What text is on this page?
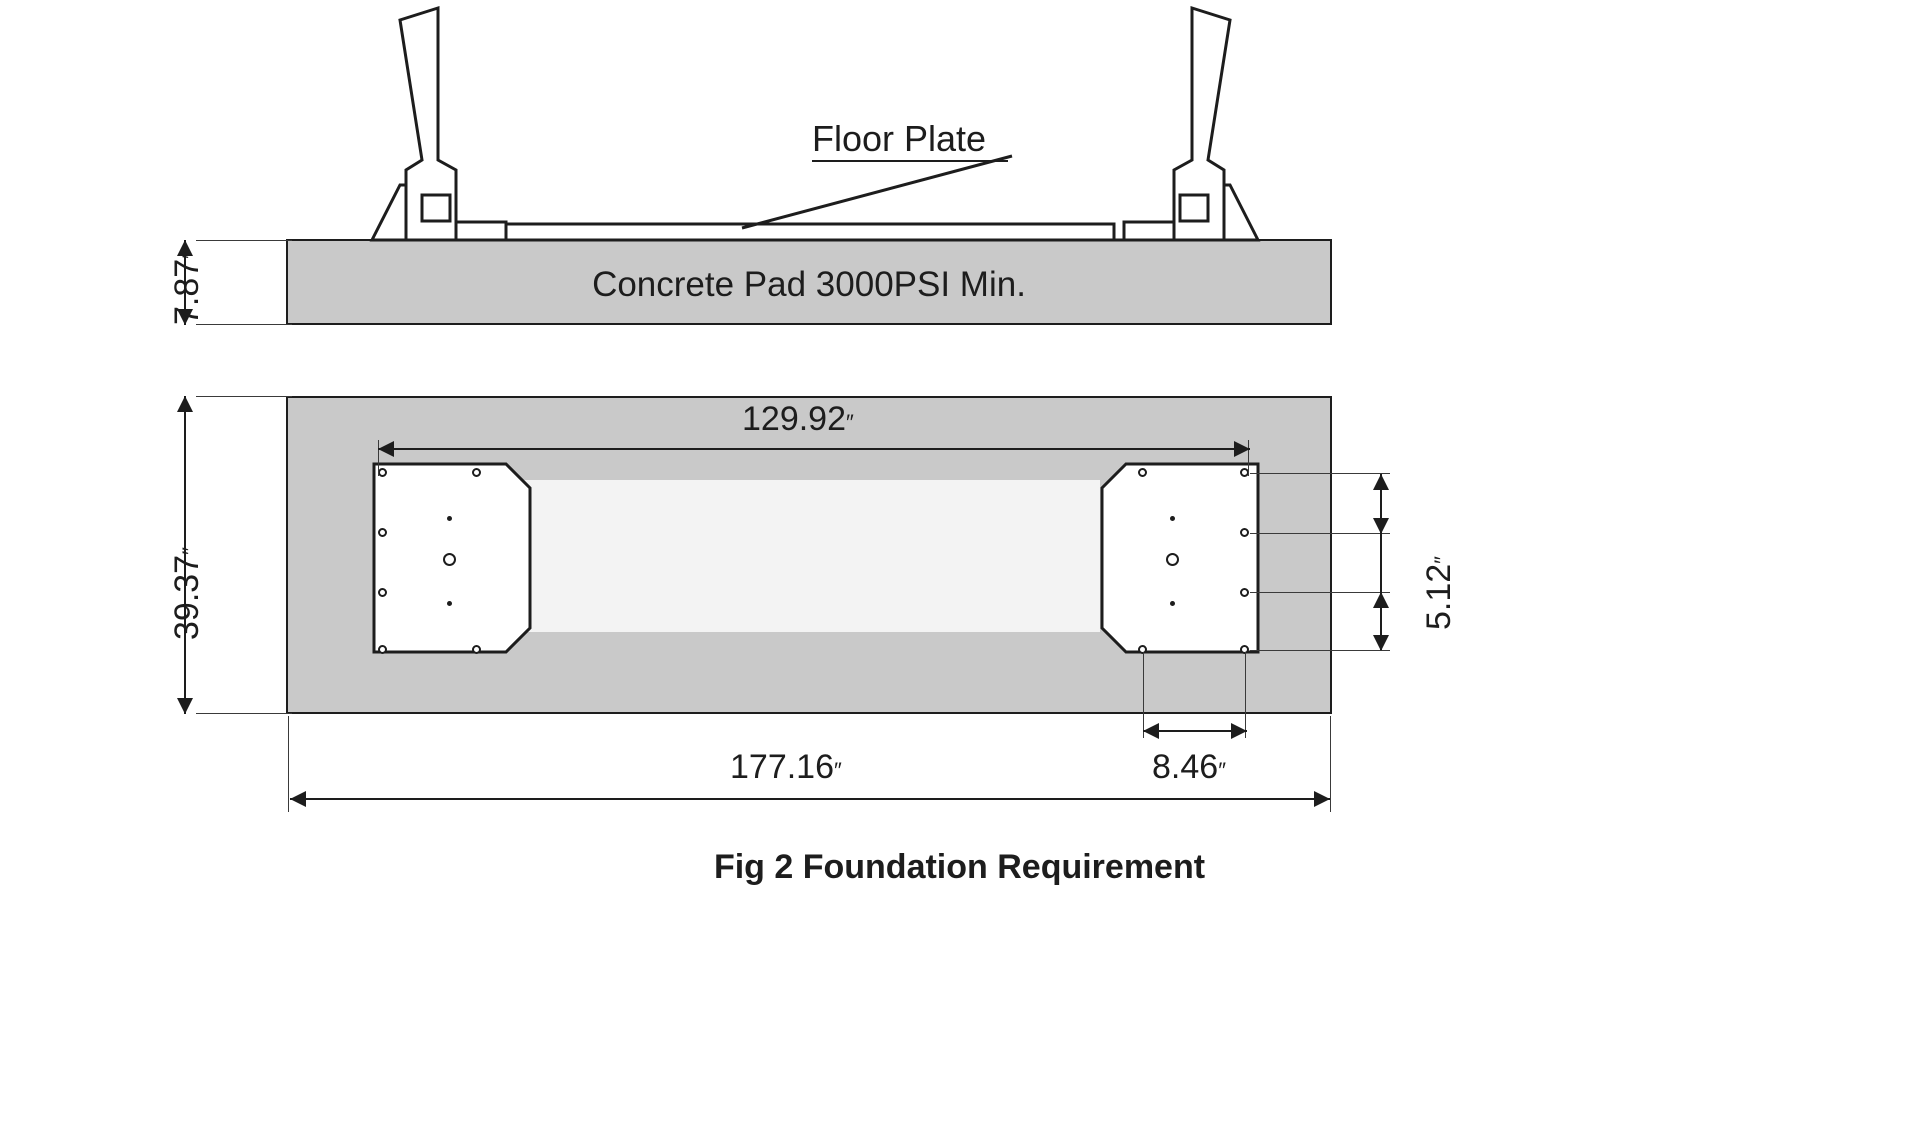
Concrete Pad 3000PSI Min.
Floor Plate
7.87″
39.37″
129.92″
177.16″
5.12″
8.46″
Fig 2 Foundation Requirement
